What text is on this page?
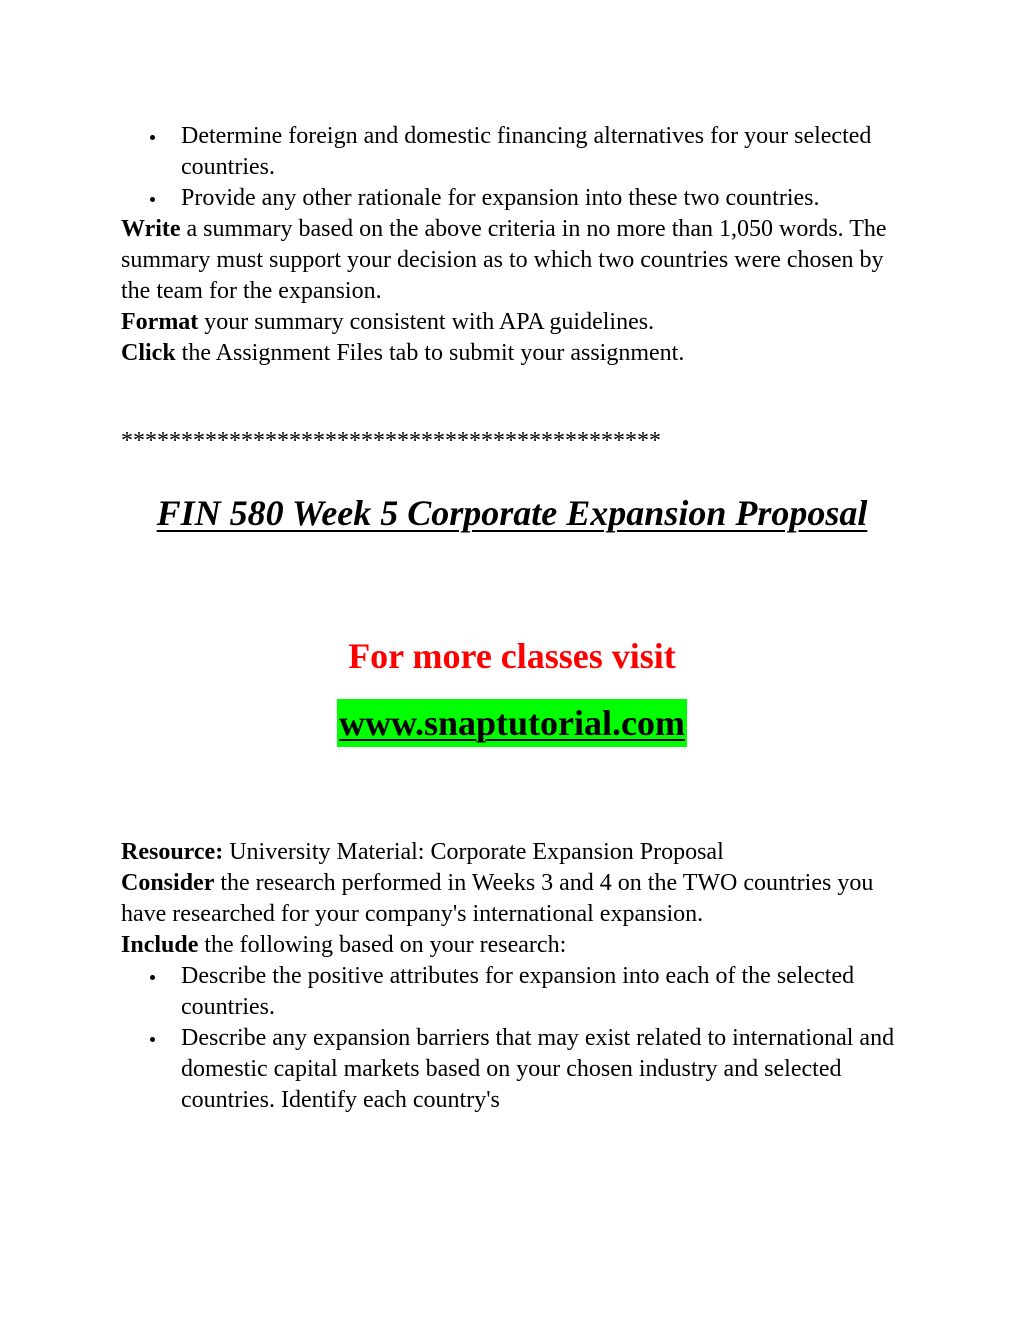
Determine foreign and domestic financing alternatives for your selected countries.
Provide any other rationale for expansion into these two countries.
Write a summary based on the above criteria in no more than 1,050 words. The summary must support your decision as to which two countries were chosen by the team for the expansion.
Format your summary consistent with APA guidelines.
Click the Assignment Files tab to submit your assignment.
*********************************************
FIN 580 Week 5 Corporate Expansion Proposal
For more classes visit
www.snaptutorial.com
Resource: University Material: Corporate Expansion Proposal
Consider the research performed in Weeks 3 and 4 on the TWO countries you have researched for your company's international expansion.
Include the following based on your research:
Describe the positive attributes for expansion into each of the selected countries.
Describe any expansion barriers that may exist related to international and domestic capital markets based on your chosen industry and selected countries. Identify each country's
